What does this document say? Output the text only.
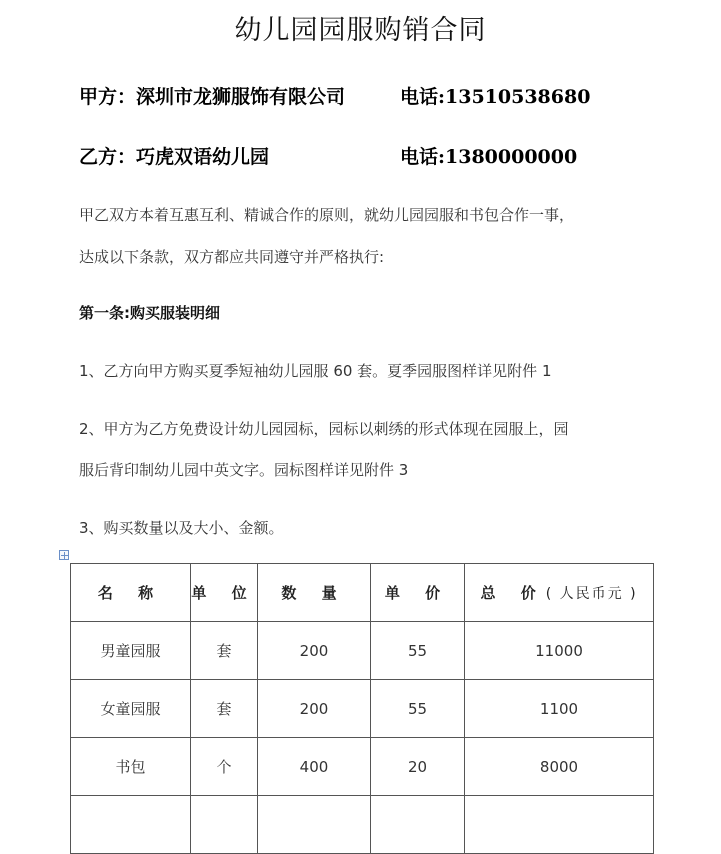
幼儿园园服购销合同
甲方：深圳市龙狮服饰有限公司	电话:13510538680
乙方：巧虎双语幼儿园	电话:1380000000
甲乙双方本着互惠互利、精诚合作的原则，就幼儿园园服和书包合作一事，
达成以下条款，双方都应共同遵守并严格执行:
第一条:购买服装明细
1、乙方向甲方购买夏季短袖幼儿园服 60 套。夏季园服图样详见附件 1
2、甲方为乙方免费设计幼儿园园标，园标以刺绣的形式体现在园服上，园
服后背印制幼儿园中英文字。园标图样详见附件 3
3、购买数量以及大小、金额。
名 称	单 位	数 量	单 价	总 价( 人民币元 )
男童园服	套	200	55	11000
女童园服	套	200	55	1100
书包	个	400	20	8000
